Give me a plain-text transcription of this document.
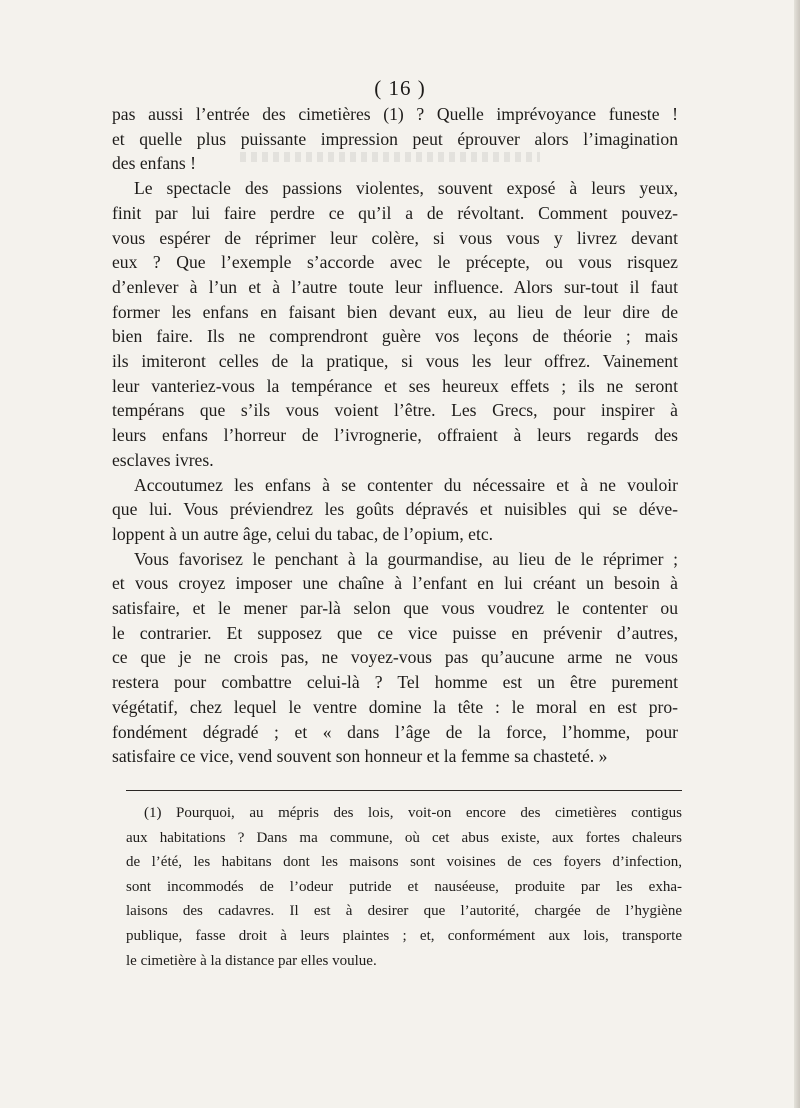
( 16 )

pas aussi l’entrée des cimetières (1) ? Quelle imprévoyance funeste !

et quelle plus puissante impression peut éprouver alors l’imagination

des enfans !

Le spectacle des passions violentes, souvent exposé à leurs yeux,

finit par lui faire perdre ce qu’il a de révoltant. Comment pouvez-

vous espérer de réprimer leur colère, si vous vous y livrez devant

eux ? Que l’exemple s’accorde avec le précepte, ou vous risquez

d’enlever à l’un et à l’autre toute leur influence. Alors sur-tout il faut

former les enfans en faisant bien devant eux, au lieu de leur dire de

bien faire. Ils ne comprendront guère vos leçons de théorie ; mais

ils imiteront celles de la pratique, si vous les leur offrez. Vainement

leur vanteriez-vous la tempérance et ses heureux effets ; ils ne seront

tempérans que s’ils vous voient l’être. Les Grecs, pour inspirer à

leurs enfans l’horreur de l’ivrognerie, offraient à leurs regards des

esclaves ivres.

Accoutumez les enfans à se contenter du nécessaire et à ne vouloir

que lui. Vous préviendrez les goûts dépravés et nuisibles qui se déve-

loppent à un autre âge, celui du tabac, de l’opium, etc.

Vous favorisez le penchant à la gourmandise, au lieu de le réprimer ;

et vous croyez imposer une chaîne à l’enfant en lui créant un besoin à

satisfaire, et le mener par-là selon que vous voudrez le contenter ou

le contrarier. Et supposez que ce vice puisse en prévenir d’autres,

ce que je ne crois pas, ne voyez-vous pas qu’aucune arme ne vous

restera pour combattre celui-là ? Tel homme est un être purement

végétatif, chez lequel le ventre domine la tête : le moral en est pro-

fondément dégradé ; et « dans l’âge de la force, l’homme, pour

satisfaire ce vice, vend souvent son honneur et la femme sa chasteté. »

(1) Pourquoi, au mépris des lois, voit-on encore des cimetières contigus

aux habitations ? Dans ma commune, où cet abus existe, aux fortes chaleurs

de l’été, les habitans dont les maisons sont voisines de ces foyers d’infection,

sont incommodés de l’odeur putride et nauséeuse, produite par les exha-

laisons des cadavres. Il est à desirer que l’autorité, chargée de l’hygiène

publique, fasse droit à leurs plaintes ; et, conformément aux lois, transporte

le cimetière à la distance par elles voulue.
